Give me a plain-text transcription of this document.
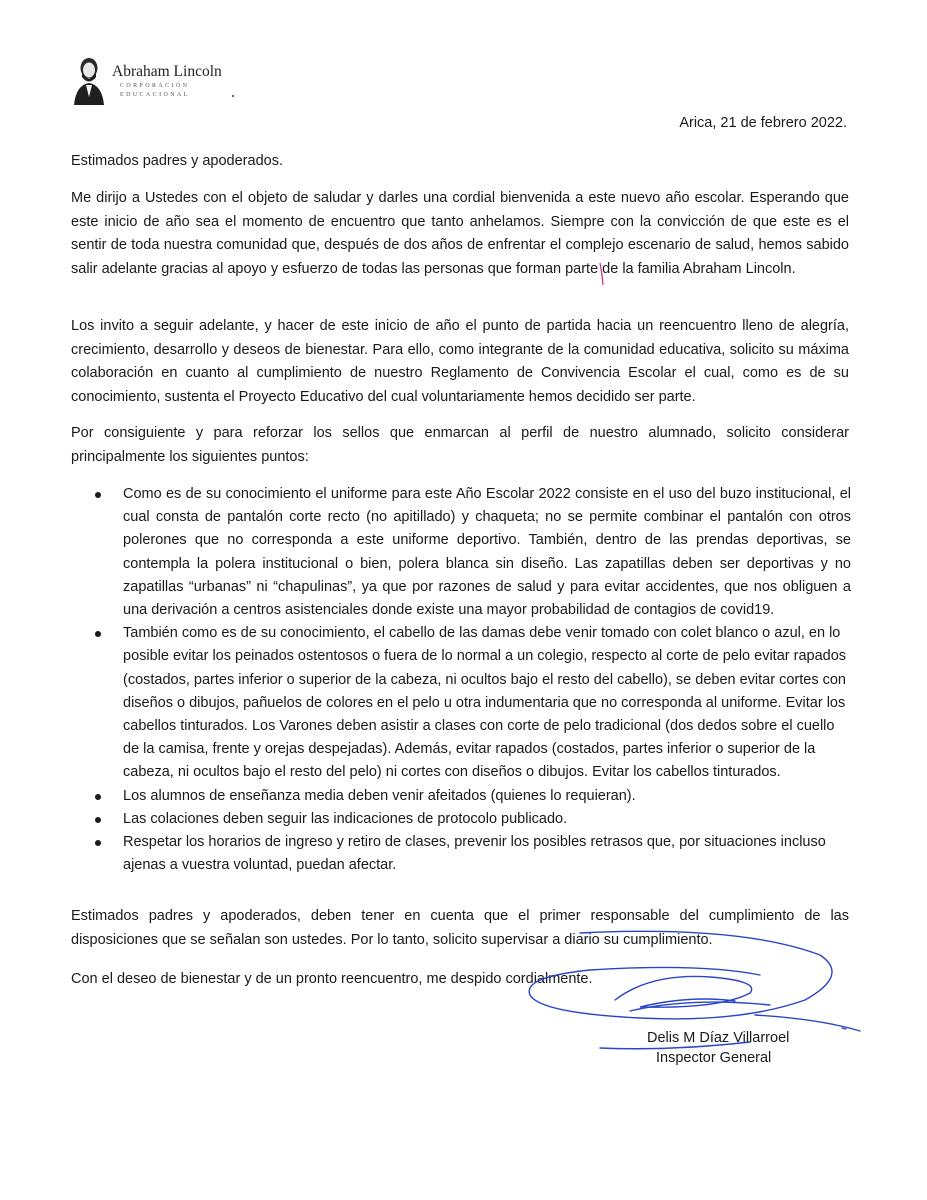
Abraham Lincoln
CORPORACIÓN
EDUCACIONAL
Arica, 21 de febrero 2022.

Estimados padres y apoderados.

Me dirijo a Ustedes con el objeto de saludar y darles una cordial bienvenida a este nuevo año escolar. Esperando que este inicio de año sea el momento de encuentro que tanto anhelamos. Siempre con la convicción de que este es el sentir de toda nuestra comunidad que, después de dos años de enfrentar el complejo escenario de salud, hemos sabido salir adelante gracias al apoyo y esfuerzo de todas las personas que forman parte de la familia Abraham Lincoln.

Los invito a seguir adelante, y hacer de este inicio de año el punto de partida hacia un reencuentro lleno de alegría, crecimiento, desarrollo y deseos de bienestar. Para ello, como integrante de la comunidad educativa, solicito su máxima colaboración en cuanto al cumplimiento de nuestro Reglamento de Convivencia Escolar el cual, como es de su conocimiento, sustenta el Proyecto Educativo del cual voluntariamente hemos decidido ser parte.

Por consiguiente y para reforzar los sellos que enmarcan al perfil de nuestro alumnado, solicito considerar principalmente los siguientes puntos:

Como es de su conocimiento el uniforme para este Año Escolar 2022 consiste en el uso del buzo institucional, el cual consta de pantalón corte recto (no apitillado) y chaqueta; no se permite combinar el pantalón con otros polerones que no corresponda a este uniforme deportivo. También, dentro de las prendas deportivas, se contempla la polera institucional o bien, polera blanca sin diseño. Las zapatillas deben ser deportivas y no zapatillas “urbanas” ni “chapulinas”, ya que por razones de salud y para evitar accidentes, que nos obliguen a una derivación a centros asistenciales donde existe una mayor probabilidad de contagios de covid19.
También como es de su conocimiento, el cabello de las damas debe venir tomado con colet blanco o azul, en lo posible evitar los peinados ostentosos o fuera de lo normal a un colegio, respecto al corte de pelo evitar rapados (costados, partes inferior o superior de la cabeza, ni ocultos bajo el resto del cabello), se deben evitar cortes con diseños o dibujos, pañuelos de colores en el pelo u otra indumentaria que no corresponda al uniforme. Evitar los cabellos tinturados. Los Varones deben asistir a clases con corte de pelo tradicional (dos dedos sobre el cuello de la camisa, frente y orejas despejadas). Además, evitar rapados (costados, partes inferior o superior de la cabeza, ni ocultos bajo el resto del pelo) ni cortes con diseños o dibujos. Evitar los cabellos tinturados.
Los alumnos de enseñanza media deben venir afeitados (quienes lo requieran).
Las colaciones deben seguir las indicaciones de protocolo publicado.
Respetar los horarios de ingreso y retiro de clases, prevenir los posibles retrasos que, por situaciones incluso ajenas a vuestra voluntad, puedan afectar.

Estimados padres y apoderados, deben tener en cuenta que el primer responsable del cumplimiento de las disposiciones que se señalan son ustedes. Por lo tanto, solicito supervisar a diario su cumplimiento.

Con el deseo de bienestar y de un pronto reencuentro, me despido cordialmente.

Delis M Díaz Villarroel
Inspector General
